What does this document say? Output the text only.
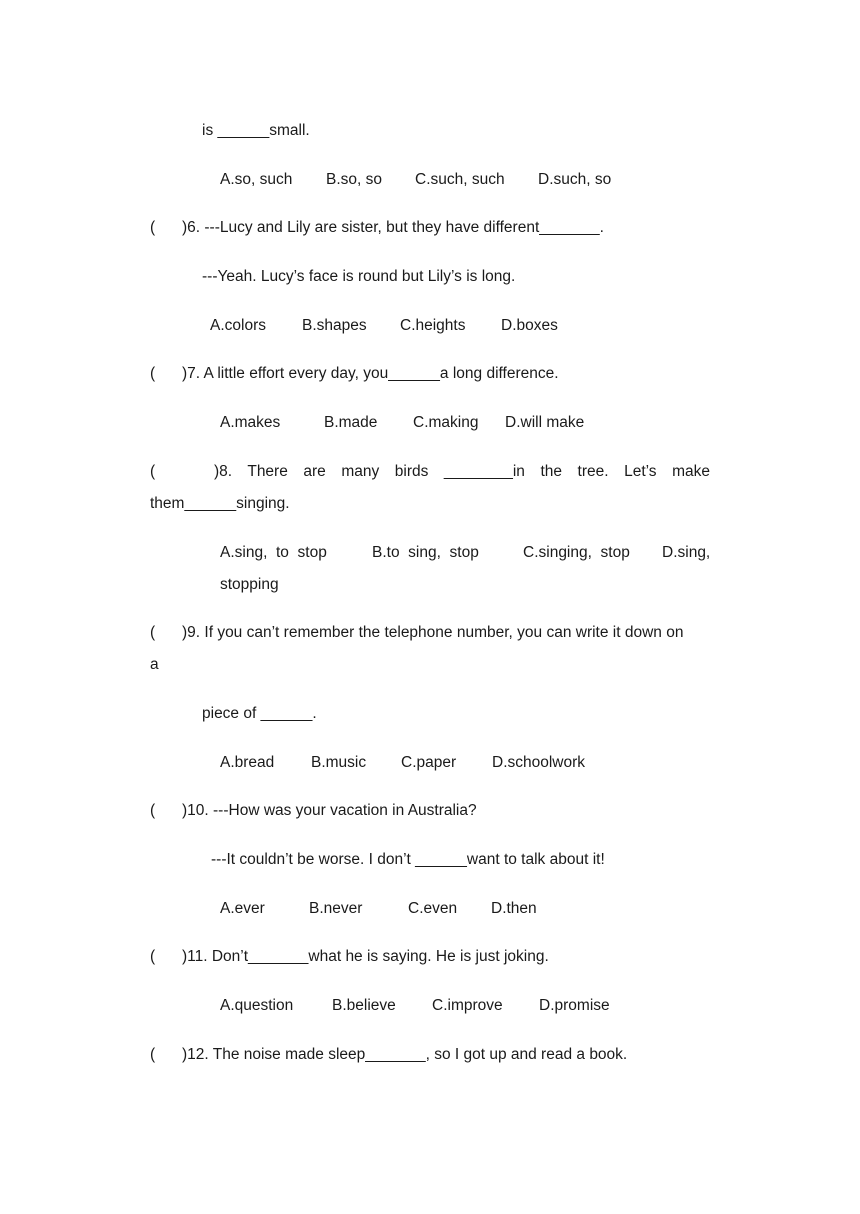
is ______small.
A.so, such B.so, so C.such, such D.such, so
( )6. ---Lucy and Lily are sister, but they have different_______.
---Yeah. Lucy’s face is round but Lily’s is long.
A.colors B.shapes C.heights D.boxes
( )7. A little effort every day, you______a long difference.
A.makes	B.made C.making D.will make
(	)8. There are many birds ________in the tree. Let’s make
them______singing.
A.sing,  to  stop	B.to  sing,  stop	C.singing,  stop D.sing,
stopping
( )9. If you can’t remember the telephone number, you can write it down on
a
piece of ______.
A.bread B.music C.paper D.schoolwork
( )10. ---How was your vacation in Australia?
---It couldn’t be worse. I don’t ______want to talk about it!
A.ever	B.never	C.even D.then
( )11. Don’t_______what he is saying. He is just joking.
A.question	B.believe C.improve D.promise
( )12. The noise made sleep_______, so I got up and read a book.
